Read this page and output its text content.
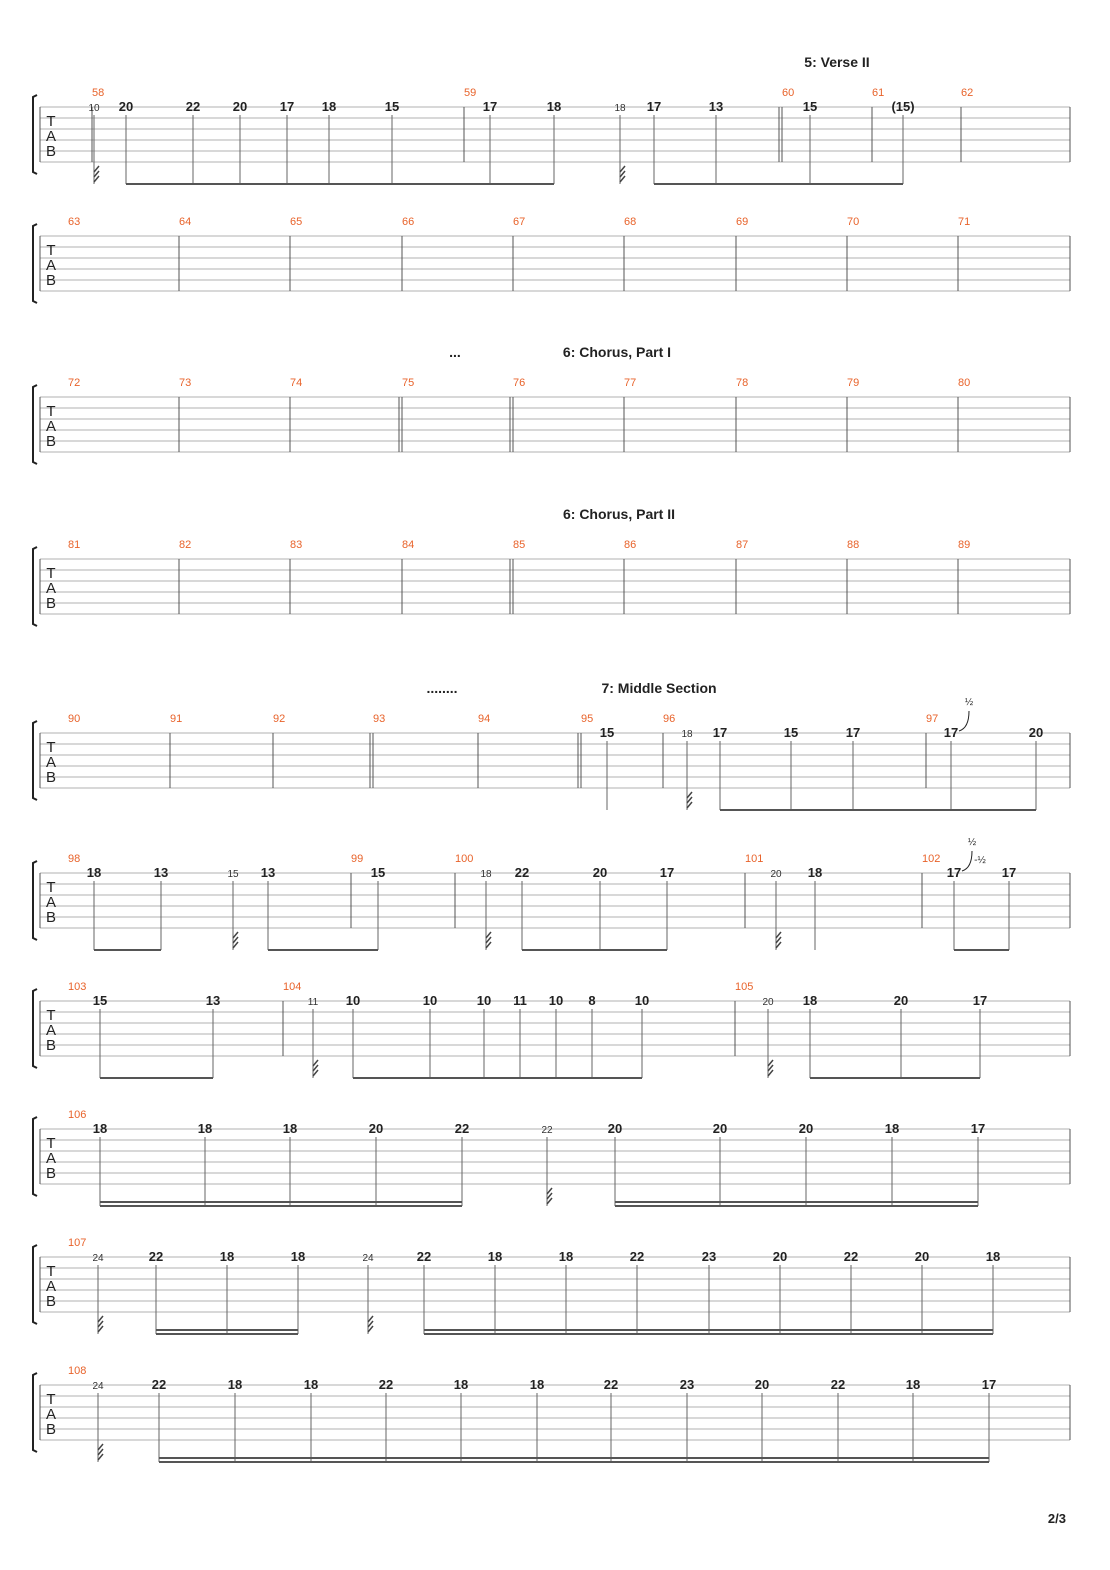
T
A
B
58	59	60	61	62
10 20	22	20	17 18	15	17	18	18 17	13	15	(15)
T
A
B
63	64	65	66	67	68	69	70	71
T
A
B
72	73	74	75	76	77	78	79	80
T
A
B
81	82	83	84	85	86	87	88	89
T
A
B
90	91	92	93	94	95	96	97
15	18 17	15	17	17
½
20
T
A
B
98	99	100	101	102
18	13	15 13	15	18 22	20	17	20 18	17
½
-½
17
T
A
B
103	104	105
15	13	11 10	10	10 11 10 8	10	20 18	20	17
T
A
B
106
18	18	18	20	22	22	20	20	20	18	17
T
A
B
107
24	22	18	18	24	22	18	18	22	23	20	22	20	18
T
A
B
108
24	22	18	18	22	18	18	22	23	20	22	18	17
5: Verse II
...	6: Chorus, Part I
6: Chorus, Part II
........	7: Middle Section
2/3
